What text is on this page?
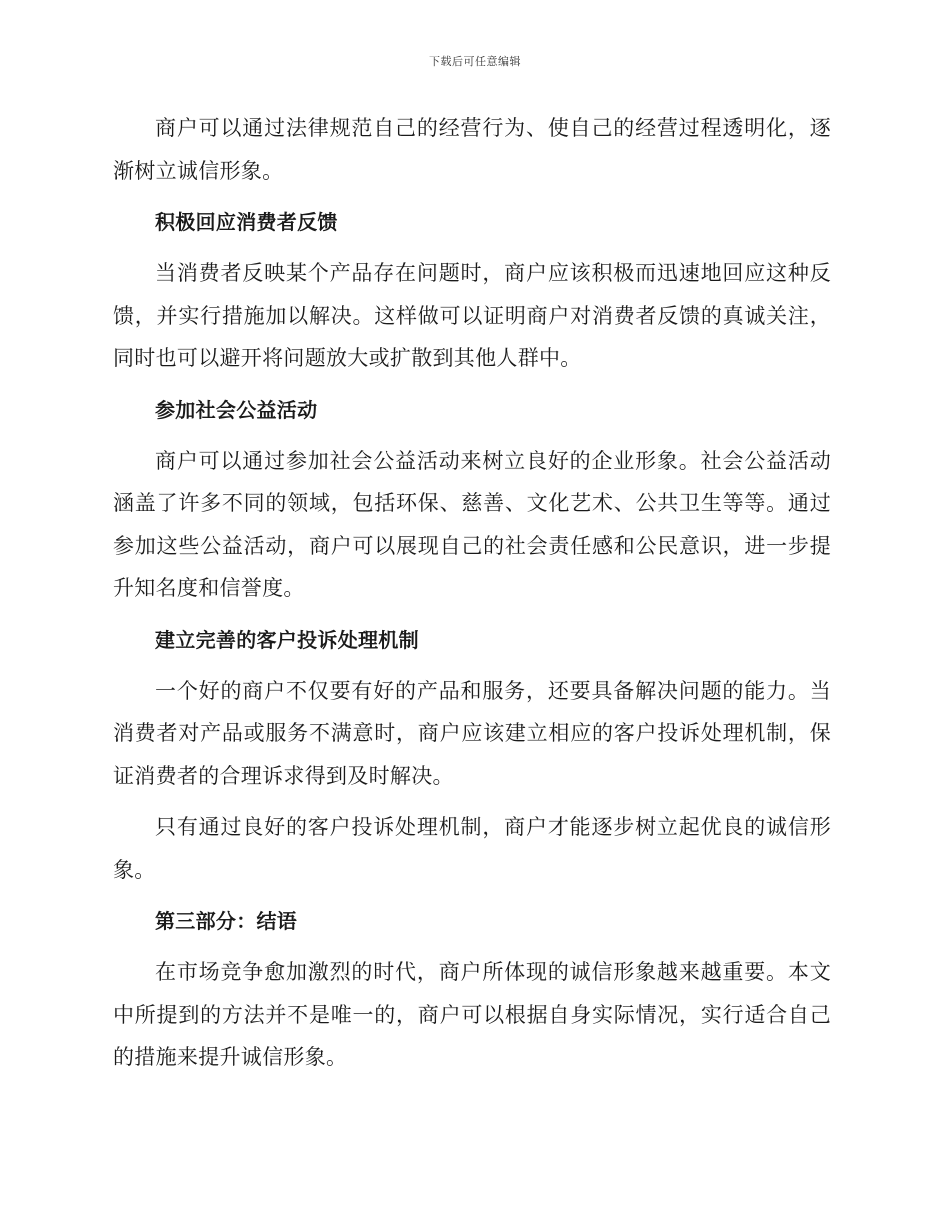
下载后可任意编辑

商户可以通过法律规范自己的经营行为、使自己的经营过程透明化，逐渐树立诚信形象。

积极回应消费者反馈

当消费者反映某个产品存在问题时，商户应该积极而迅速地回应这种反馈，并实行措施加以解决。这样做可以证明商户对消费者反馈的真诚关注，同时也可以避开将问题放大或扩散到其他人群中。

参加社会公益活动

商户可以通过参加社会公益活动来树立良好的企业形象。社会公益活动涵盖了许多不同的领域，包括环保、慈善、文化艺术、公共卫生等等。通过参加这些公益活动，商户可以展现自己的社会责任感和公民意识，进一步提升知名度和信誉度。

建立完善的客户投诉处理机制

一个好的商户不仅要有好的产品和服务，还要具备解决问题的能力。当消费者对产品或服务不满意时，商户应该建立相应的客户投诉处理机制，保证消费者的合理诉求得到及时解决。

只有通过良好的客户投诉处理机制，商户才能逐步树立起优良的诚信形象。

第三部分：结语

在市场竞争愈加激烈的时代，商户所体现的诚信形象越来越重要。本文中所提到的方法并不是唯一的，商户可以根据自身实际情况，实行适合自己的措施来提升诚信形象。
